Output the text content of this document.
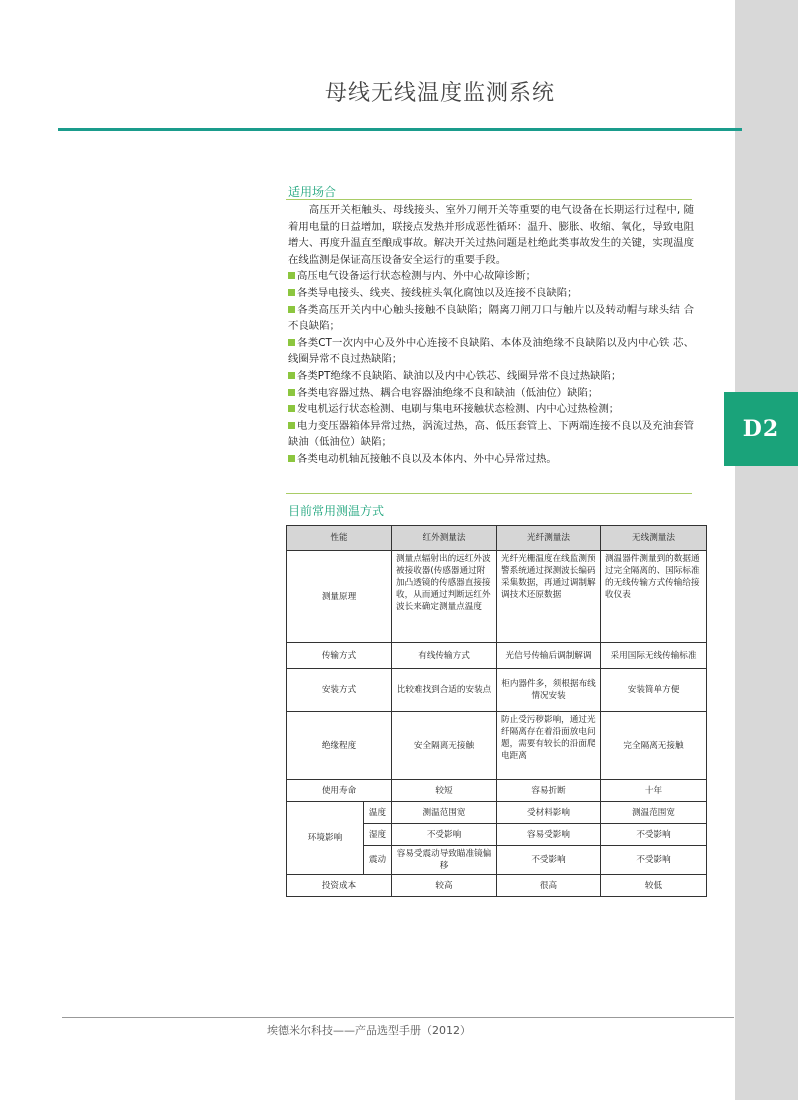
D2
母线无线温度监测系统
适用场合

高压开关柜触头、母线接头、室外刀闸开关等重要的电气设备在长期运行过程中, 随着用电量的日益增加，联接点发热并形成恶性循环：温升、膨胀、收缩、氧化，导致电阻增大、再度升温直至酿成事故。解决开关过热问题是杜绝此类事故发生的关键，实现温度在线监测是保证高压设备安全运行的重要手段。

高压电气设备运行状态检测与内、外中心故障诊断；

各类导电接头、线夹、接线桩头氧化腐蚀以及连接不良缺陷；

各类高压开关内中心触头接触不良缺陷；隔离刀闸刀口与触片以及转动帽与球头结 合不良缺陷；

各类CT一次内中心及外中心连接不良缺陷、本体及油绝缘不良缺陷以及内中心铁 芯、线圈异常不良过热缺陷；

各类PT绝缘不良缺陷、缺油以及内中心铁芯、线圈异常不良过热缺陷；

各类电容器过热、耦合电容器油绝缘不良和缺油（低油位）缺陷；

发电机运行状态检测、电刷与集电环接触状态检测、内中心过热检测；

电力变压器箱体异常过热，涡流过热，高、低压套管上、下两端连接不良以及充油套管缺油（低油位）缺陷；

各类电动机轴瓦接触不良以及本体内、外中心异常过热。

目前常用测温方式
性能		红外测量法	光纤测量法	无线测量法
测量原理		测量点辐射出的远红外波被接收器(传感器通过附加凸透镜的传感器直接接收，从而通过判断远红外波长来确定测量点温度	光纤光栅温度在线监测预警系统通过探测波长编码采集数据，再通过调制解调技术还原数据	测温器件测量到的数据通过完全隔离的、国际标准的无线传输方式传输给接收仪表
传输方式		有线传输方式	光信号传输后调制解调	采用国际无线传输标准
安装方式		比较难找到合适的安装点	柜内器件多，须根据布线情况安装	安装简单方便
绝缘程度		安全隔离无接触	防止受污秽影响，通过光纤隔离存在着沿面放电问题，需要有较长的沿面爬电距离	完全隔离无接触
使用寿命		较短	容易折断	十年
环境影响	温度	测温范围宽	受材料影响	测温范围宽
	湿度	不受影响	容易受影响	不受影响
	震动	容易受震动导致瞄准镜偏移	不受影响	不受影响
投资成本		较高	很高	较低
埃德米尔科技——产品选型手册（2012）
